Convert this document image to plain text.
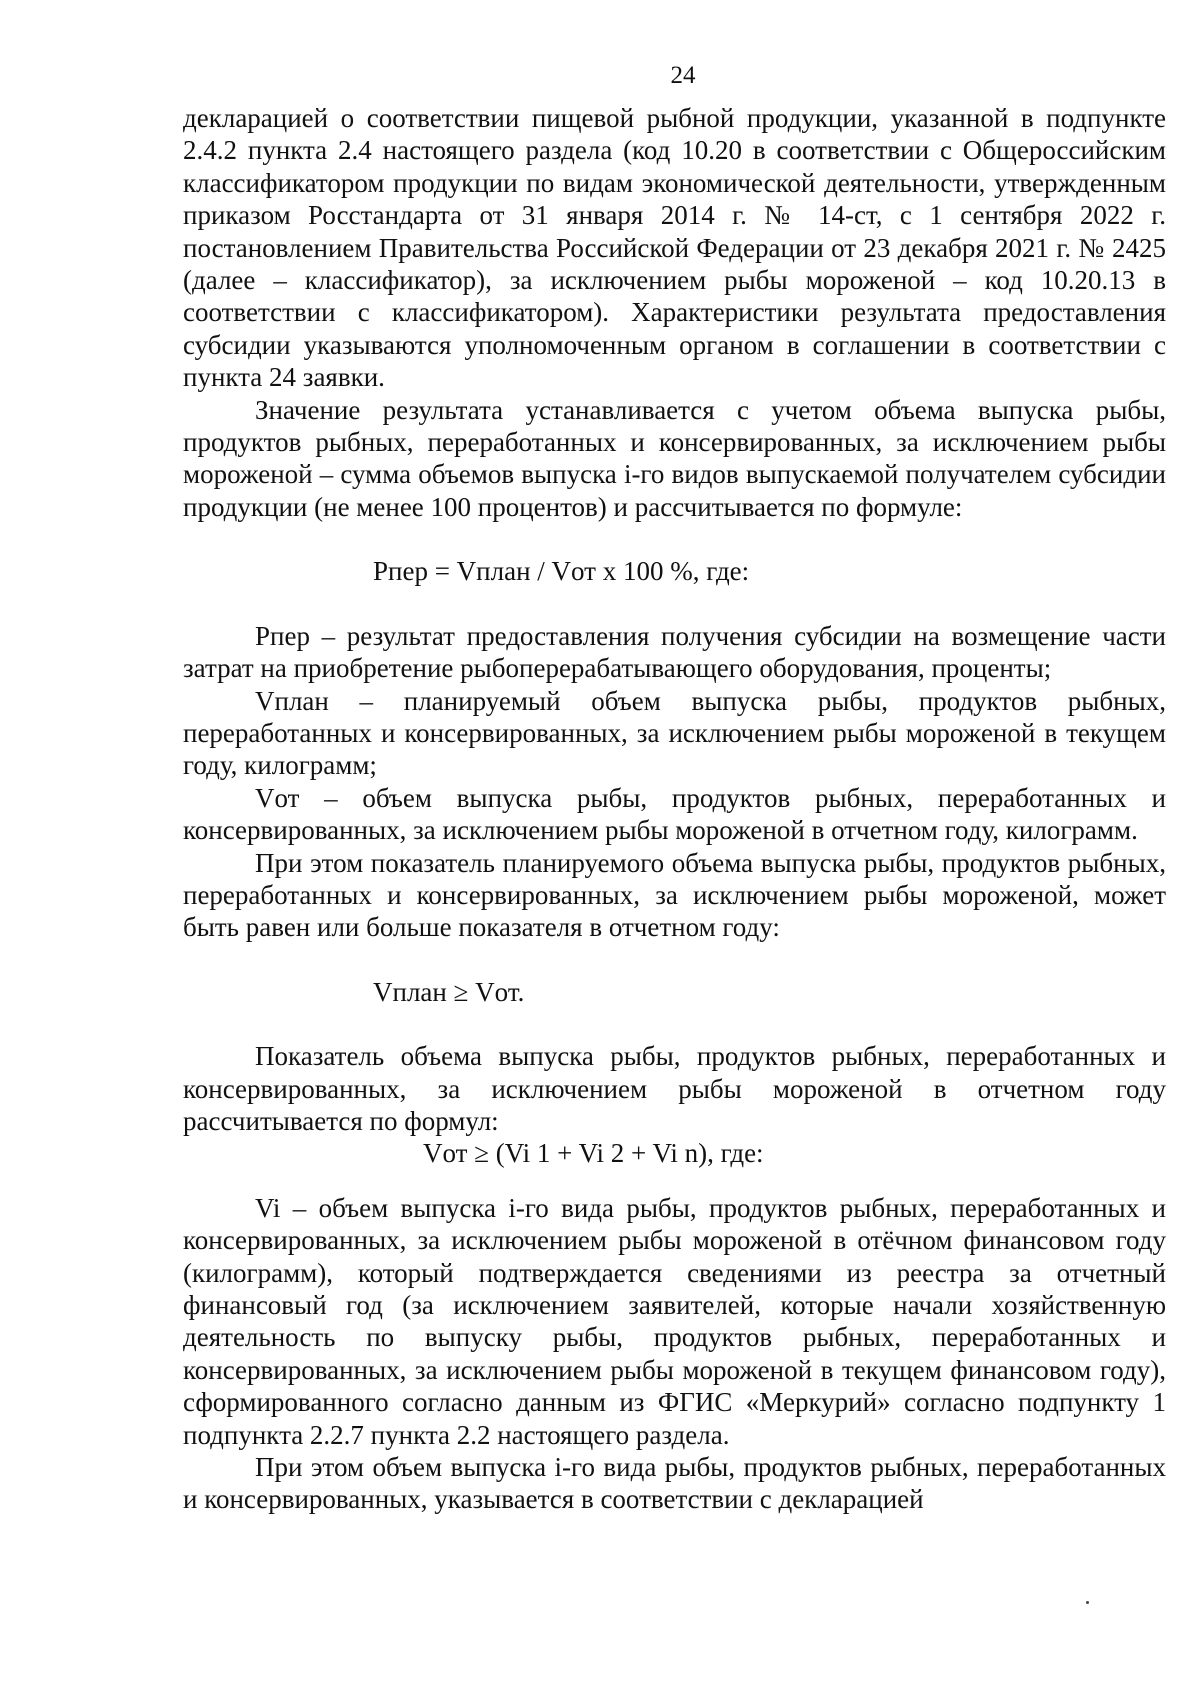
24

декларацией о соответствии пищевой рыбной продукции, указанной в подпункте 2.4.2 пункта 2.4 настоящего раздела (код 10.20 в соответствии с Общероссийским классификатором продукции по видам экономической деятельности, утвержденным приказом Росстандарта от 31 января 2014 г. № 14-ст, с 1 сентября 2022 г. постановлением Правительства Российской Федерации от 23 декабря 2021 г. № 2425 (далее – классификатор), за исключением рыбы мороженой – код 10.20.13 в соответствии с классификатором). Характеристики результата предоставления субсидии указываются уполномоченным органом в соглашении в соответствии с пункта 24 заявки.

Значение результата устанавливается с учетом объема выпуска рыбы, продуктов рыбных, переработанных и консервированных, за исключением рыбы мороженой – сумма объемов выпуска i-го видов выпускаемой получателем субсидии продукции (не менее 100 процентов) и рассчитывается по формуле:

Pпер = Vплан / Vот x 100 %, где:

Pпер – результат предоставления получения субсидии на возмещение части затрат на приобретение рыбоперерабатывающего оборудования, проценты;

Vплан – планируемый объем выпуска рыбы, продуктов рыбных, переработанных и консервированных, за исключением рыбы мороженой в текущем году, килограмм;

Vот – объем выпуска рыбы, продуктов рыбных, переработанных и консервированных, за исключением рыбы мороженой в отчетном году, килограмм.

При этом показатель планируемого объема выпуска рыбы, продуктов рыбных, переработанных и консервированных, за исключением рыбы мороженой, может быть равен или больше показателя в отчетном году:

Vплан ≥ Vот.

Показатель объема выпуска рыбы, продуктов рыбных, переработанных и консервированных, за исключением рыбы мороженой в отчетном году рассчитывается по формул:

Vот ≥ (Vi 1 + Vi 2 + Vi n), где:

Vi – объем выпуска i-го вида рыбы, продуктов рыбных, переработанных и консервированных, за исключением рыбы мороженой в отёчном финансовом году (килограмм), который подтверждается сведениями из реестра за отчетный финансовый год (за исключением заявителей, которые начали хозяйственную деятельность по выпуску рыбы, продуктов рыбных, переработанных и консервированных, за исключением рыбы мороженой в текущем финансовом году), сформированного согласно данным из ФГИС «Меркурий» согласно подпункту 1 подпункта 2.2.7 пункта 2.2 настоящего раздела.

При этом объем выпуска i-го вида рыбы, продуктов рыбных, переработанных и консервированных, указывается в соответствии с декларацией
